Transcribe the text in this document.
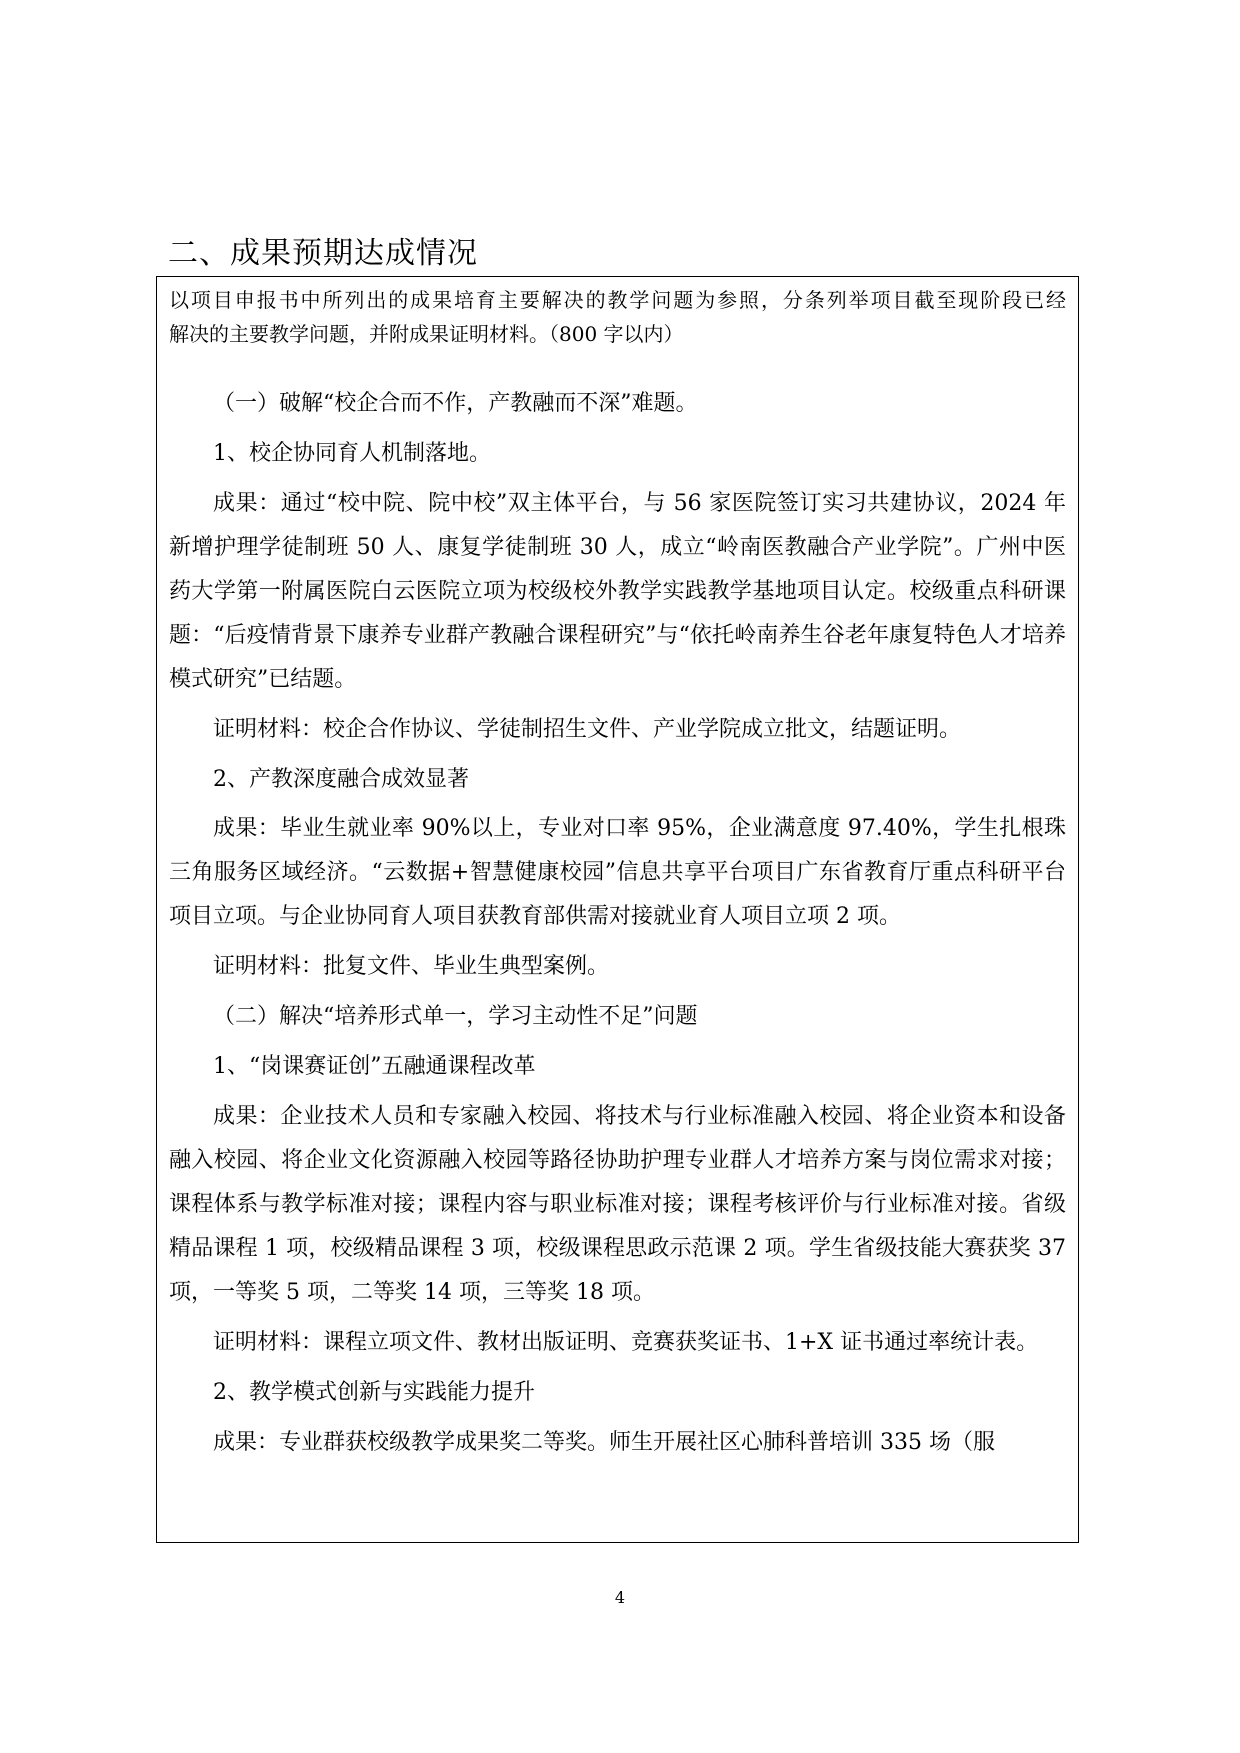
二、成果预期达成情况
以项目申报书中所列出的成果培育主要解决的教学问题为参照，分条列举项目截至现阶段已经
解决的主要教学问题，并附成果证明材料。（800 字以内）

（一）破解“校企合而不作，产教融而不深”难题。

1、校企协同育人机制落地。

成果：通过“校中院、院中校”双主体平台，与 56 家医院签订实习共建协议，2024 年新增护理学徒制班 50 人、康复学徒制班 30 人，成立“岭南医教融合产业学院”。广州中医药大学第一附属医院白云医院立项为校级校外教学实践教学基地项目认定。校级重点科研课题：“后疫情背景下康养专业群产教融合课程研究”与“依托岭南养生谷老年康复特色人才培养模式研究”已结题。

证明材料：校企合作协议、学徒制招生文件、产业学院成立批文，结题证明。

2、产教深度融合成效显著

成果：毕业生就业率 90%以上，专业对口率 95%，企业满意度 97.40%，学生扎根珠三角服务区域经济。“云数据+智慧健康校园”信息共享平台项目广东省教育厅重点科研平台项目立项。与企业协同育人项目获教育部供需对接就业育人项目立项 2 项。

证明材料：批复文件、毕业生典型案例。

（二）解决“培养形式单一，学习主动性不足”问题

1、“岗课赛证创”五融通课程改革

成果：企业技术人员和专家融入校园、将技术与行业标准融入校园、将企业资本和设备融入校园、将企业文化资源融入校园等路径协助护理专业群人才培养方案与岗位需求对接；课程体系与教学标准对接；课程内容与职业标准对接；课程考核评价与行业标准对接。省级精品课程 1 项，校级精品课程 3 项，校级课程思政示范课 2 项。学生省级技能大赛获奖 37 项，一等奖 5 项，二等奖 14 项，三等奖 18 项。

证明材料：课程立项文件、教材出版证明、竞赛获奖证书、1+X 证书通过率统计表。

2、教学模式创新与实践能力提升

成果：专业群获校级教学成果奖二等奖。师生开展社区心肺科普培训 335 场（服

4
